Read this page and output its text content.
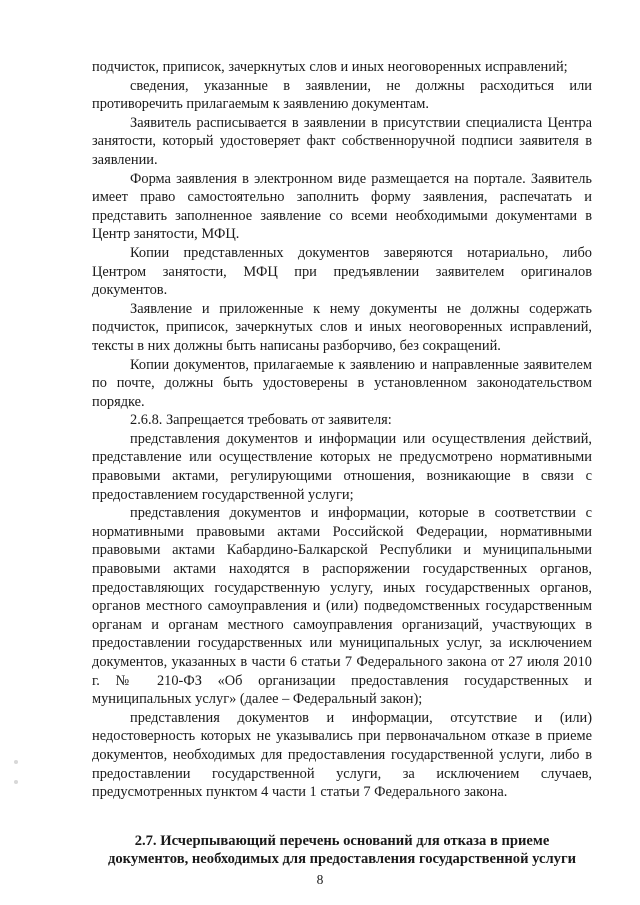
подчисток, приписок, зачеркнутых слов и иных неоговоренных исправлений;

сведения, указанные в заявлении, не должны расходиться или противоречить прилагаемым к заявлению документам.

Заявитель расписывается в заявлении в присутствии специалиста Центра занятости, который удостоверяет факт собственноручной подписи заявителя в заявлении.

Форма заявления в электронном виде размещается на портале. Заявитель имеет право самостоятельно заполнить форму заявления, распечатать и представить заполненное заявление со всеми необходимыми документами в Центр занятости, МФЦ.

Копии представленных документов заверяются нотариально, либо Центром занятости, МФЦ при предъявлении заявителем оригиналов документов.

Заявление и приложенные к нему документы не должны содержать подчисток, приписок, зачеркнутых слов и иных неоговоренных исправлений, тексты в них должны быть написаны разборчиво, без сокращений.

Копии документов, прилагаемые к заявлению и направленные заявителем по почте, должны быть удостоверены в установленном законодательством порядке.

2.6.8. Запрещается требовать от заявителя:

представления документов и информации или осуществления действий, представление или осуществление которых не предусмотрено нормативными правовыми актами, регулирующими отношения, возникающие в связи с предоставлением государственной услуги;

представления документов и информации, которые в соответствии с нормативными правовыми актами Российской Федерации, нормативными правовыми актами Кабардино-Балкарской Республики и муниципальными правовыми актами находятся в распоряжении государственных органов, предоставляющих государственную услугу, иных государственных органов, органов местного самоуправления и (или) подведомственных государственным органам и органам местного самоуправления организаций, участвующих в предоставлении государственных или муниципальных услуг, за исключением документов, указанных в части 6 статьи 7 Федерального закона от 27 июля 2010 г. № 210-ФЗ «Об организации предоставления государственных и муниципальных услуг» (далее – Федеральный закон);

представления документов и информации, отсутствие и (или) недостоверность которых не указывались при первоначальном отказе в приеме документов, необходимых для предоставления государственной услуги, либо в предоставлении государственной услуги, за исключением случаев, предусмотренных пунктом 4 части 1 статьи 7 Федерального закона.

2.7. Исчерпывающий перечень оснований для отказа в приеме
документов, необходимых для предоставления государственной услуги
8
